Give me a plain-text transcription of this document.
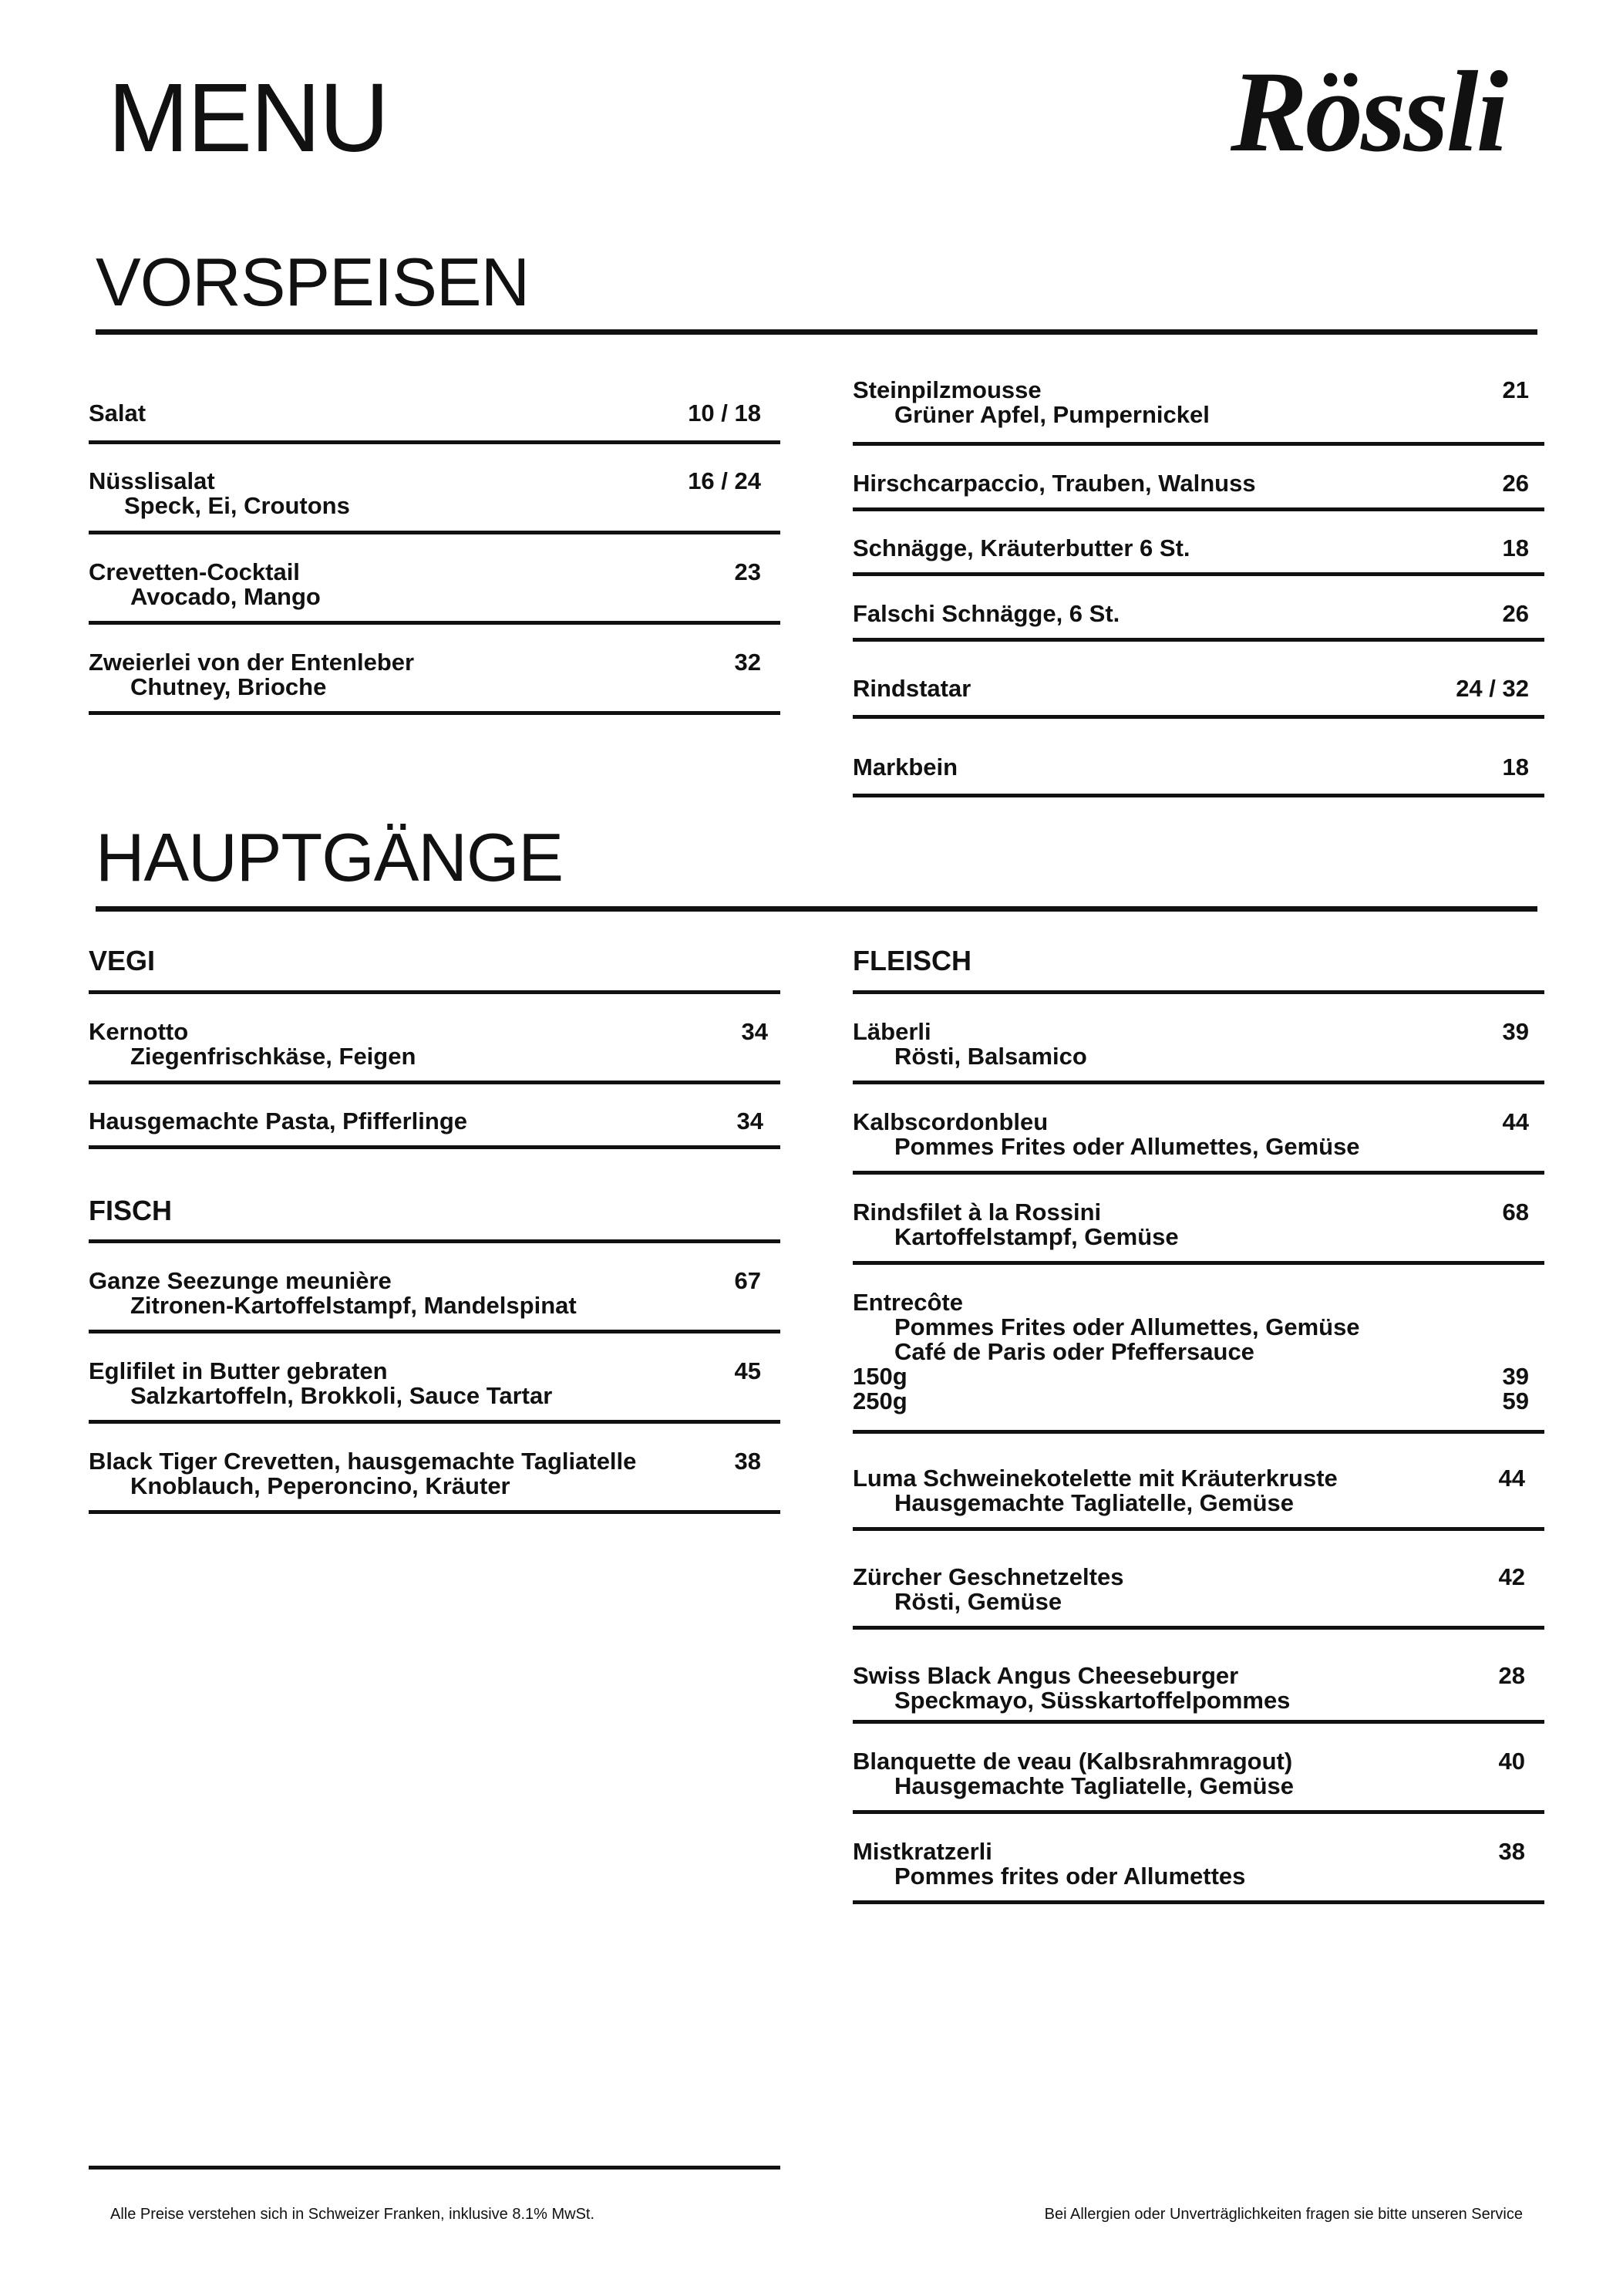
MENU	Rössli
VORSPEISEN
Salat	10 / 18
Nüsslisalat	16 / 24
Speck, Ei, Croutons
Crevetten-Cocktail	23
Avocado, Mango
Zweierlei von der Entenleber	32
Chutney, Brioche
Steinpilzmousse	21
Grüner Apfel, Pumpernickel
Hirschcarpaccio, Trauben, Walnuss	26
Schnägge, Kräuterbutter 6 St.	18
Falschi Schnägge, 6 St.	26
Rindstatar	24 / 32
Markbein	18
HAUPTGÄNGE
VEGI
Kernotto	34
Ziegenfrischkäse, Feigen
Hausgemachte Pasta, Pfifferlinge	34
FISCH
Ganze Seezunge meunière	67
Zitronen-Kartoffelstampf, Mandelspinat
Eglifilet in Butter gebraten	45
Salzkartoffeln, Brokkoli, Sauce Tartar
Black Tiger Crevetten, hausgemachte Tagliatelle	38
Knoblauch, Peperoncino, Kräuter
FLEISCH
Läberli	39
Rösti, Balsamico
Kalbscordonbleu	44
Pommes Frites oder Allumettes, Gemüse
Rindsfilet à la Rossini	68
Kartoffelstampf, Gemüse
Entrecôte
Pommes Frites oder Allumettes, Gemüse
Café de Paris oder Pfeffersauce
150g	39
250g	59
Luma Schweinekotelette mit Kräuterkruste	44
Hausgemachte Tagliatelle, Gemüse
Zürcher Geschnetzeltes	42
Rösti, Gemüse
Swiss Black Angus Cheeseburger	28
Speckmayo, Süsskartoffelpommes
Blanquette de veau (Kalbsrahmragout)	40
Hausgemachte Tagliatelle, Gemüse
Mistkratzerli	38
Pommes frites oder Allumettes
Alle Preise verstehen sich in Schweizer Franken, inklusive 8.1% MwSt.	Bei Allergien oder Unverträglichkeiten fragen sie bitte unseren Service
